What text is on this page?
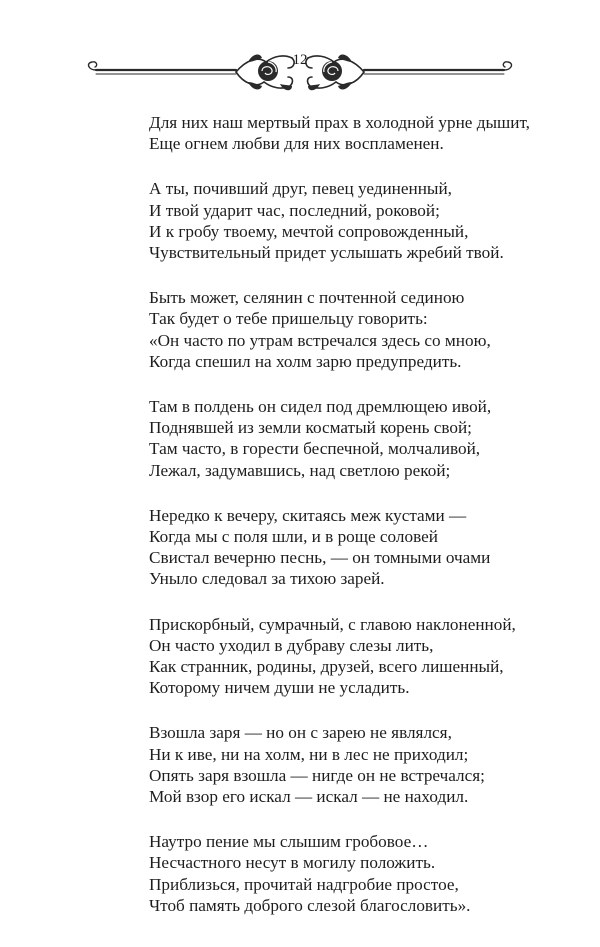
12
Для них наш мертвый прах в холодной урне дышит,
Еще огнем любви для них воспламенен.
А ты, почивший друг, певец уединенный,
И твой ударит час, последний, роковой;
И к гробу твоему, мечтой сопровожденный,
Чувствительный придет услышать жребий твой.
Быть может, селянин с почтенной сединою
Так будет о тебе пришельцу говорить:
«Он часто по утрам встречался здесь со мною,
Когда спешил на холм зарю предупредить.
Там в полдень он сидел под дремлющею ивой,
Поднявшей из земли косматый корень свой;
Там часто, в горести беспечной, молчаливой,
Лежал, задумавшись, над светлою рекой;
Нередко к вечеру, скитаясь меж кустами —
Когда мы с поля шли, и в роще соловей
Свистал вечерню песнь, — он томными очами
Уныло следовал за тихою зарей.
Прискорбный, сумрачный, с главою наклоненной,
Он часто уходил в дубраву слезы лить,
Как странник, родины, друзей, всего лишенный,
Которому ничем души не усладить.
Взошла заря — но он с зарею не являлся,
Ни к иве, ни на холм, ни в лес не приходил;
Опять заря взошла — нигде он не встречался;
Мой взор его искал — искал — не находил.
Наутро пение мы слышим гробовое…
Несчастного несут в могилу положить.
Приблизься, прочитай надгробие простое,
Чтоб память доброго слезой благословить».
